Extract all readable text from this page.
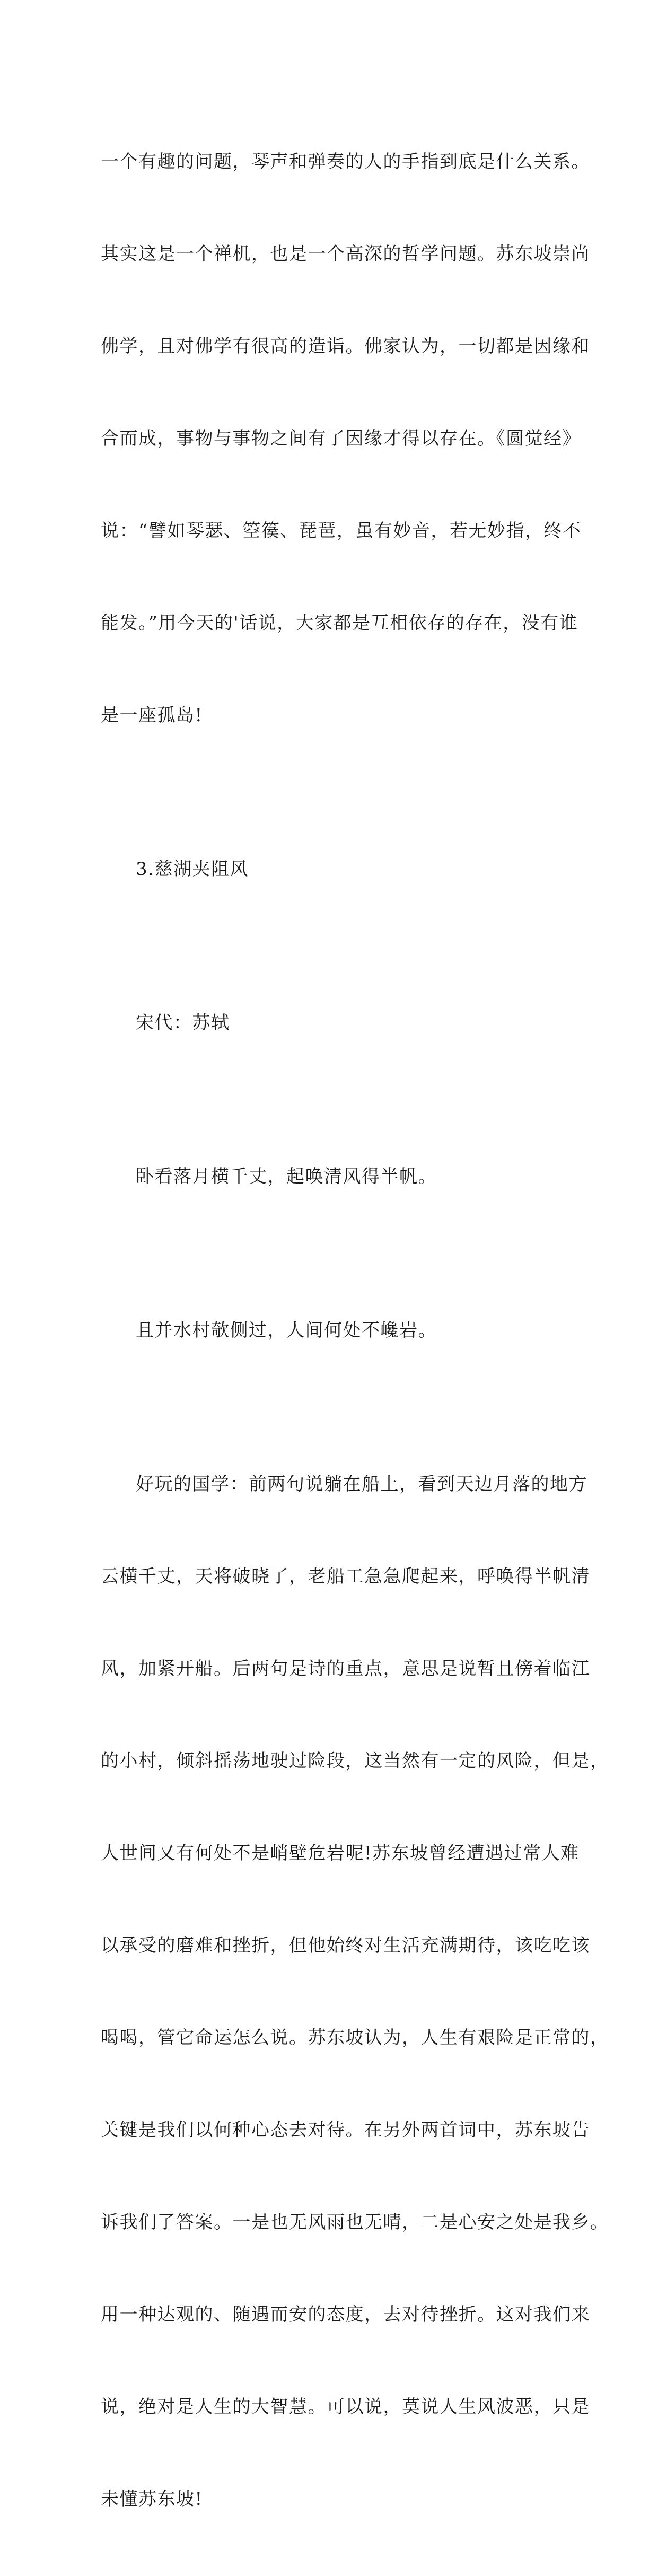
一个有趣的问题，琴声和弹奏的人的手指到底是什么关系。

其实这是一个禅机，也是一个高深的哲学问题。苏东坡崇尚

佛学，且对佛学有很高的造诣。佛家认为，一切都是因缘和

合而成，事物与事物之间有了因缘才得以存在。《圆觉经》

说：“譬如琴瑟、箜篌、琵琶，虽有妙音，若无妙指，终不

能发。”用今天的'话说，大家都是互相依存的存在，没有谁

是一座孤岛!

3.慈湖夹阻风

宋代：苏轼

卧看落月横千丈，起唤清风得半帆。

且并水村欹侧过，人间何处不巉岩。

好玩的国学：前两句说躺在船上，看到天边月落的地方

云横千丈，天将破晓了，老船工急急爬起来，呼唤得半帆清

风，加紧开船。后两句是诗的重点，意思是说暂且傍着临江

的小村，倾斜摇荡地驶过险段，这当然有一定的风险，但是，

人世间又有何处不是峭壁危岩呢!苏东坡曾经遭遇过常人难

以承受的磨难和挫折，但他始终对生活充满期待，该吃吃该

喝喝，管它命运怎么说。苏东坡认为，人生有艰险是正常的，

关键是我们以何种心态去对待。在另外两首词中，苏东坡告

诉我们了答案。一是也无风雨也无晴，二是心安之处是我乡。

用一种达观的、随遇而安的态度，去对待挫折。这对我们来

说，绝对是人生的大智慧。可以说，莫说人生风波恶，只是

未懂苏东坡!
